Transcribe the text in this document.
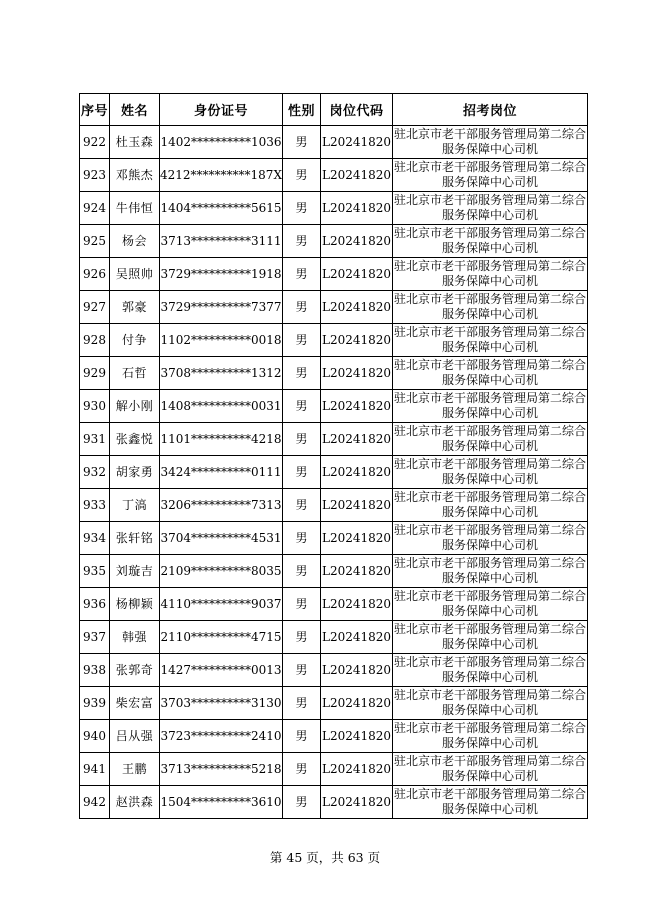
序号	姓名	身份证号	性别	岗位代码	招考岗位
922	杜玉森	1402**********1036	男	L20241820	驻北京市老干部服务管理局第二综合服务保障中心司机
923	邓熊杰	4212**********187X	男	L20241820	驻北京市老干部服务管理局第二综合服务保障中心司机
924	牛伟恒	1404**********5615	男	L20241820	驻北京市老干部服务管理局第二综合服务保障中心司机
925	杨会	3713**********3111	男	L20241820	驻北京市老干部服务管理局第二综合服务保障中心司机
926	吴照帅	3729**********1918	男	L20241820	驻北京市老干部服务管理局第二综合服务保障中心司机
927	郭豪	3729**********7377	男	L20241820	驻北京市老干部服务管理局第二综合服务保障中心司机
928	付争	1102**********0018	男	L20241820	驻北京市老干部服务管理局第二综合服务保障中心司机
929	石哲	3708**********1312	男	L20241820	驻北京市老干部服务管理局第二综合服务保障中心司机
930	解小刚	1408**********0031	男	L20241820	驻北京市老干部服务管理局第二综合服务保障中心司机
931	张鑫悦	1101**********4218	男	L20241820	驻北京市老干部服务管理局第二综合服务保障中心司机
932	胡家勇	3424**********0111	男	L20241820	驻北京市老干部服务管理局第二综合服务保障中心司机
933	丁滈	3206**********7313	男	L20241820	驻北京市老干部服务管理局第二综合服务保障中心司机
934	张轩铭	3704**********4531	男	L20241820	驻北京市老干部服务管理局第二综合服务保障中心司机
935	刘璇吉	2109**********8035	男	L20241820	驻北京市老干部服务管理局第二综合服务保障中心司机
936	杨柳颖	4110**********9037	男	L20241820	驻北京市老干部服务管理局第二综合服务保障中心司机
937	韩强	2110**********4715	男	L20241820	驻北京市老干部服务管理局第二综合服务保障中心司机
938	张郭奇	1427**********0013	男	L20241820	驻北京市老干部服务管理局第二综合服务保障中心司机
939	柴宏富	3703**********3130	男	L20241820	驻北京市老干部服务管理局第二综合服务保障中心司机
940	吕从强	3723**********2410	男	L20241820	驻北京市老干部服务管理局第二综合服务保障中心司机
941	王鹏	3713**********5218	男	L20241820	驻北京市老干部服务管理局第二综合服务保障中心司机
942	赵洪森	1504**********3610	男	L20241820	驻北京市老干部服务管理局第二综合服务保障中心司机
第 45 页，共 63 页
